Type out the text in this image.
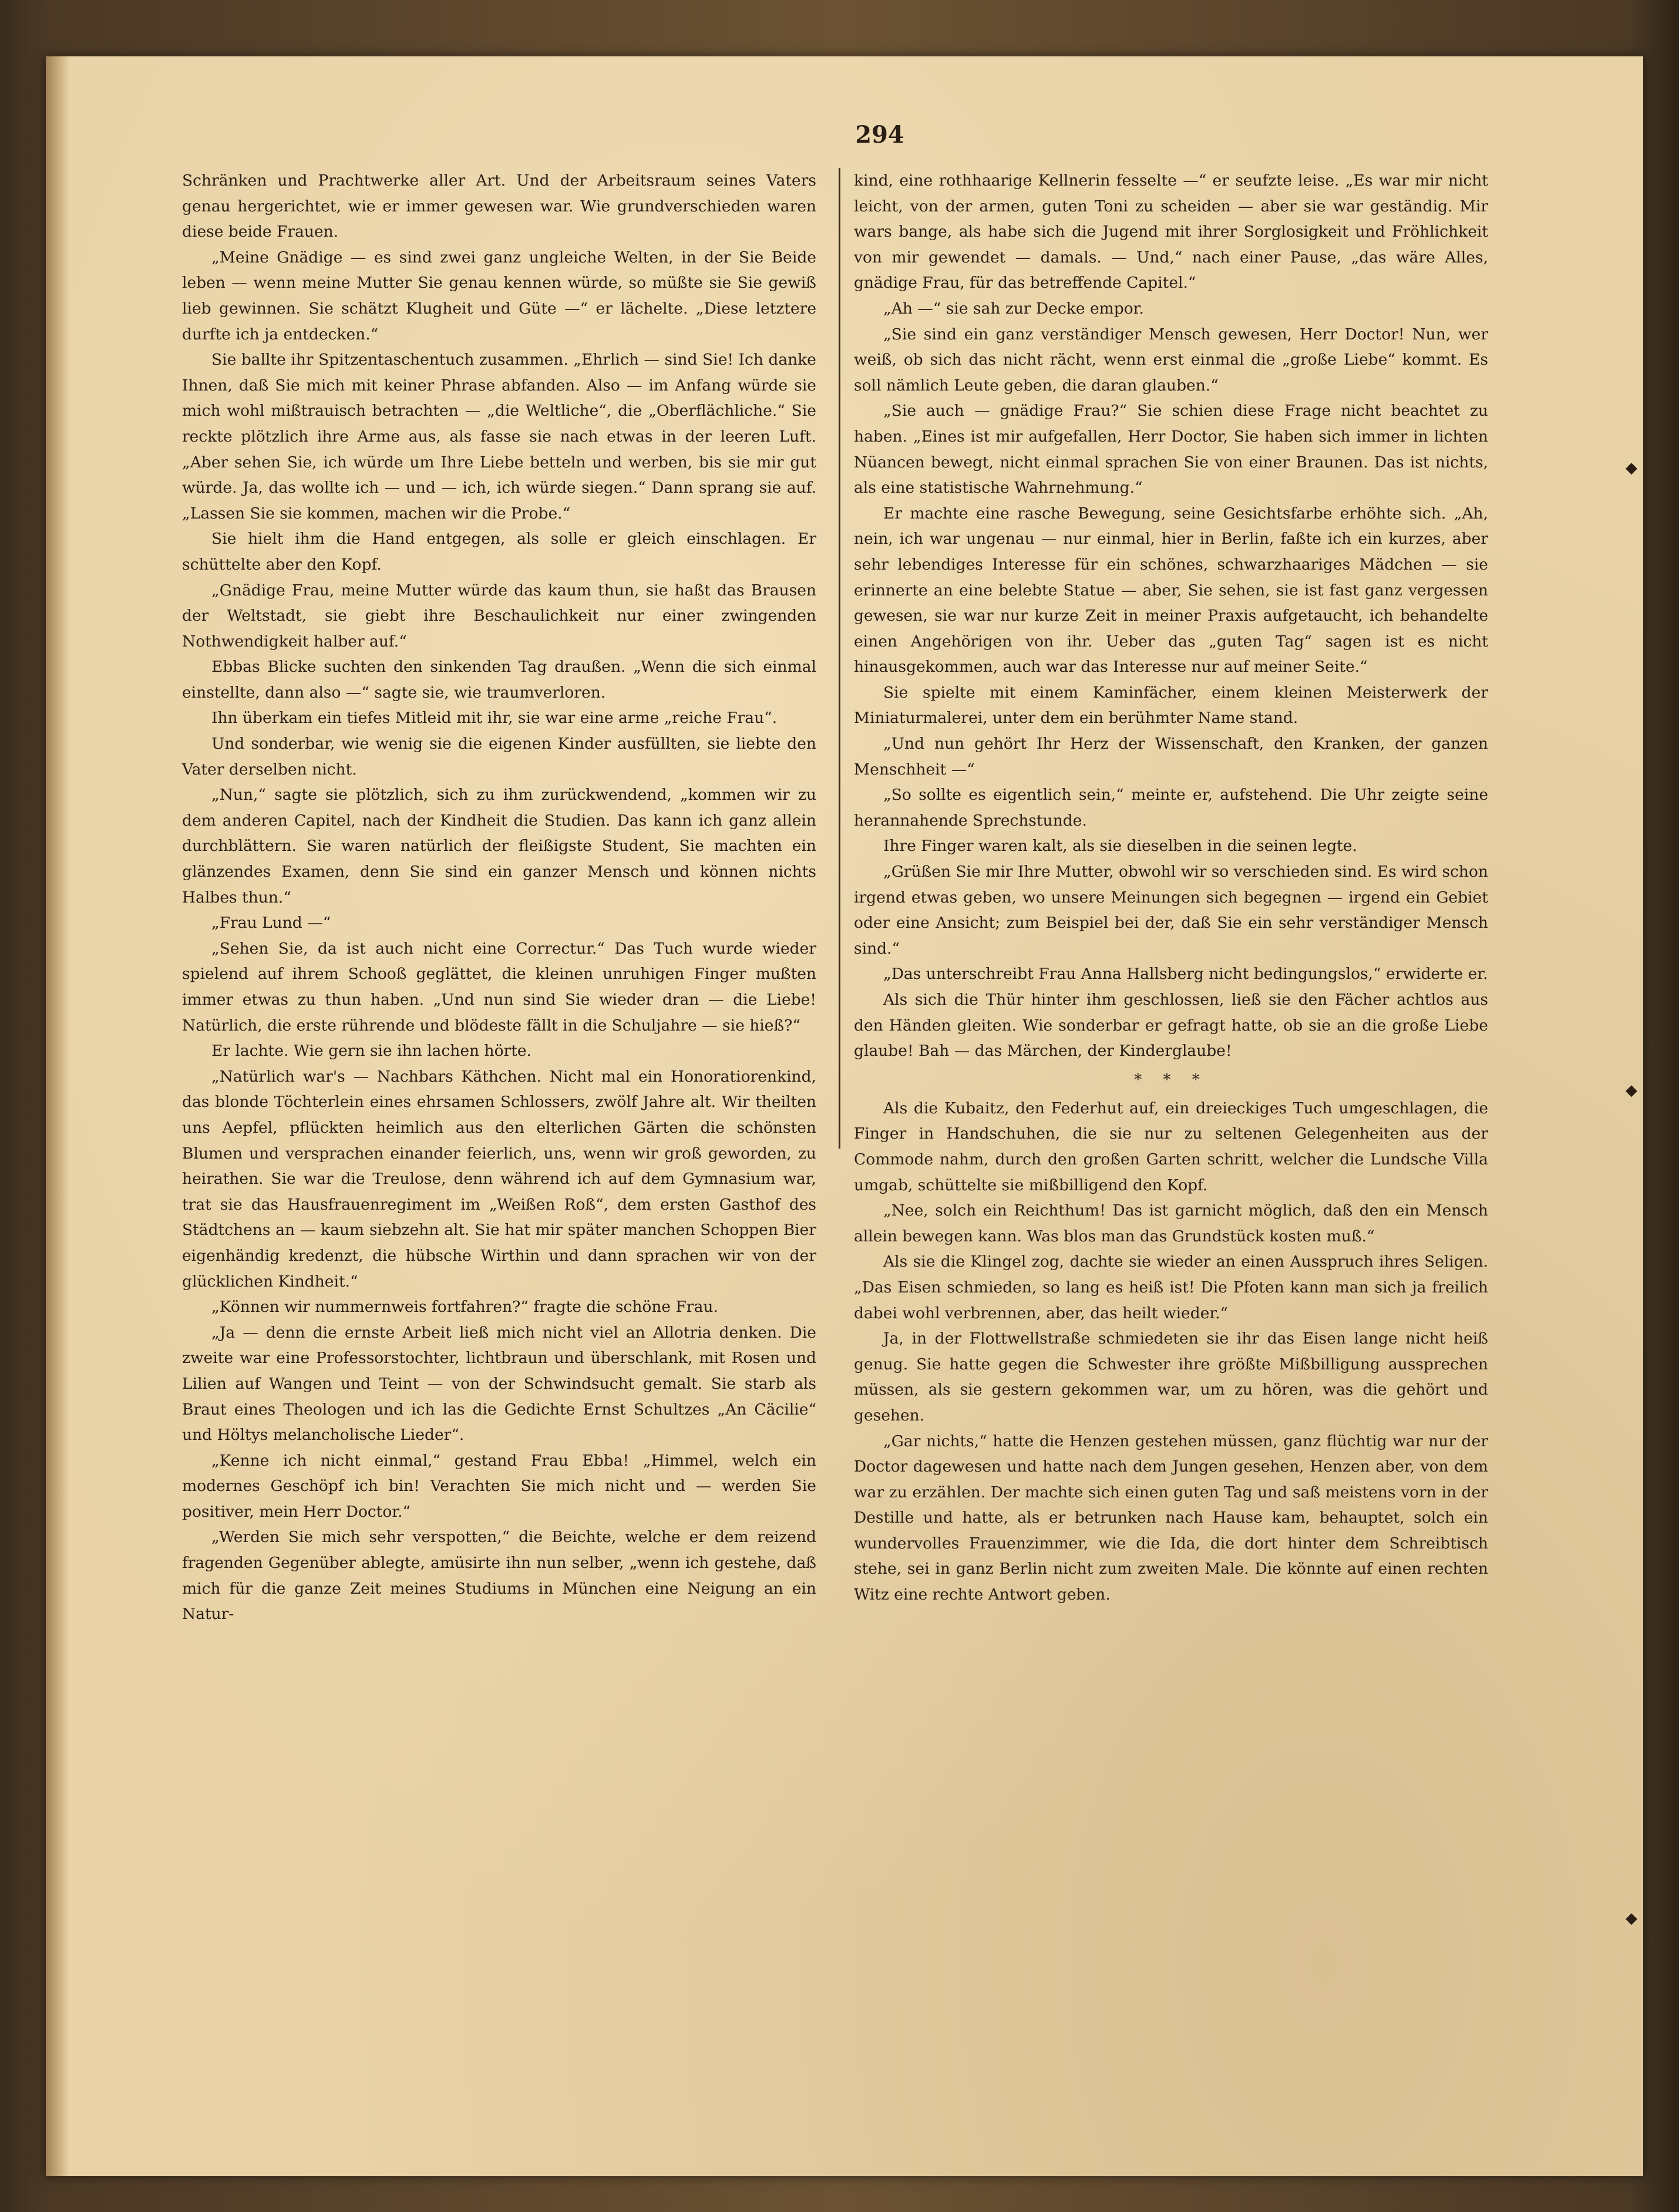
294

Schränken und Prachtwerke aller Art. Und der Arbeitsraum seines Vaters genau hergerichtet, wie er immer gewesen war. Wie grundverschieden waren diese beide Frauen.

„Meine Gnädige — es sind zwei ganz ungleiche Welten, in der Sie Beide leben — wenn meine Mutter Sie genau kennen würde, so müßte sie Sie gewiß lieb gewinnen. Sie schätzt Klugheit und Güte —“ er lächelte. „Diese letztere durfte ich ja entdecken.“

Sie ballte ihr Spitzentaschentuch zusammen. „Ehrlich — sind Sie! Ich danke Ihnen, daß Sie mich mit keiner Phrase abfanden. Also — im Anfang würde sie mich wohl mißtrauisch betrachten — „die Weltliche“, die „Oberflächliche.“ Sie reckte plötzlich ihre Arme aus, als fasse sie nach etwas in der leeren Luft. „Aber sehen Sie, ich würde um Ihre Liebe betteln und werben, bis sie mir gut würde. Ja, das wollte ich — und — ich, ich würde siegen.“ Dann sprang sie auf. „Lassen Sie sie kommen, machen wir die Probe.“

Sie hielt ihm die Hand entgegen, als solle er gleich einschlagen. Er schüttelte aber den Kopf.

„Gnädige Frau, meine Mutter würde das kaum thun, sie haßt das Brausen der Weltstadt, sie giebt ihre Beschaulichkeit nur einer zwingenden Nothwendigkeit halber auf.“

Ebbas Blicke suchten den sinkenden Tag draußen. „Wenn die sich einmal einstellte, dann also —“ sagte sie, wie traumverloren.

Ihn überkam ein tiefes Mitleid mit ihr, sie war eine arme „reiche Frau“.

Und sonderbar, wie wenig sie die eigenen Kinder ausfüllten, sie liebte den Vater derselben nicht.

„Nun,“ sagte sie plötzlich, sich zu ihm zurückwendend, „kommen wir zu dem anderen Capitel, nach der Kindheit die Studien. Das kann ich ganz allein durchblättern. Sie waren natürlich der fleißigste Student, Sie machten ein glänzendes Examen, denn Sie sind ein ganzer Mensch und können nichts Halbes thun.“

„Frau Lund —“

„Sehen Sie, da ist auch nicht eine Correctur.“ Das Tuch wurde wieder spielend auf ihrem Schooß geglättet, die kleinen unruhigen Finger mußten immer etwas zu thun haben. „Und nun sind Sie wieder dran — die Liebe! Natürlich, die erste rührende und blödeste fällt in die Schuljahre — sie hieß?“

Er lachte. Wie gern sie ihn lachen hörte.

„Natürlich war's — Nachbars Käthchen. Nicht mal ein Honoratiorenkind, das blonde Töchterlein eines ehrsamen Schlossers, zwölf Jahre alt. Wir theilten uns Aepfel, pflückten heimlich aus den elterlichen Gärten die schönsten Blumen und versprachen einander feierlich, uns, wenn wir groß geworden, zu heirathen. Sie war die Treulose, denn während ich auf dem Gymnasium war, trat sie das Hausfrauenregiment im „Weißen Roß“, dem ersten Gasthof des Städtchens an — kaum siebzehn alt. Sie hat mir später manchen Schoppen Bier eigenhändig kredenzt, die hübsche Wirthin und dann sprachen wir von der glücklichen Kindheit.“

„Können wir nummernweis fortfahren?“ fragte die schöne Frau.

„Ja — denn die ernste Arbeit ließ mich nicht viel an Allotria denken. Die zweite war eine Professorstochter, lichtbraun und überschlank, mit Rosen und Lilien auf Wangen und Teint — von der Schwindsucht gemalt. Sie starb als Braut eines Theologen und ich las die Gedichte Ernst Schultzes „An Cäcilie“ und Höltys melancholische Lieder“.

„Kenne ich nicht einmal,“ gestand Frau Ebba! „Himmel, welch ein modernes Geschöpf ich bin! Verachten Sie mich nicht und — werden Sie positiver, mein Herr Doctor.“

„Werden Sie mich sehr verspotten,“ die Beichte, welche er dem reizend fragenden Gegenüber ablegte, amüsirte ihn nun selber, „wenn ich gestehe, daß mich für die ganze Zeit meines Studiums in München eine Neigung an ein Natur-

kind, eine rothhaarige Kellnerin fesselte —“ er seufzte leise. „Es war mir nicht leicht, von der armen, guten Toni zu scheiden — aber sie war geständig. Mir wars bange, als habe sich die Jugend mit ihrer Sorglosigkeit und Fröhlichkeit von mir gewendet — damals. — Und,“ nach einer Pause, „das wäre Alles, gnädige Frau, für das betreffende Capitel.“

„Ah —“ sie sah zur Decke empor.

„Sie sind ein ganz verständiger Mensch gewesen, Herr Doctor! Nun, wer weiß, ob sich das nicht rächt, wenn erst einmal die „große Liebe“ kommt. Es soll nämlich Leute geben, die daran glauben.“

„Sie auch — gnädige Frau?“ Sie schien diese Frage nicht beachtet zu haben. „Eines ist mir aufgefallen, Herr Doctor, Sie haben sich immer in lichten Nüancen bewegt, nicht einmal sprachen Sie von einer Braunen. Das ist nichts, als eine statistische Wahrnehmung.“

Er machte eine rasche Bewegung, seine Gesichtsfarbe erhöhte sich. „Ah, nein, ich war ungenau — nur einmal, hier in Berlin, faßte ich ein kurzes, aber sehr lebendiges Interesse für ein schönes, schwarzhaariges Mädchen — sie erinnerte an eine belebte Statue — aber, Sie sehen, sie ist fast ganz vergessen gewesen, sie war nur kurze Zeit in meiner Praxis aufgetaucht, ich behandelte einen Angehörigen von ihr. Ueber das „guten Tag“ sagen ist es nicht hinausgekommen, auch war das Interesse nur auf meiner Seite.“

Sie spielte mit einem Kaminfächer, einem kleinen Meisterwerk der Miniaturmalerei, unter dem ein berühmter Name stand.

„Und nun gehört Ihr Herz der Wissenschaft, den Kranken, der ganzen Menschheit —“

„So sollte es eigentlich sein,“ meinte er, aufstehend. Die Uhr zeigte seine herannahende Sprechstunde.

Ihre Finger waren kalt, als sie dieselben in die seinen legte.

„Grüßen Sie mir Ihre Mutter, obwohl wir so verschieden sind. Es wird schon irgend etwas geben, wo unsere Meinungen sich begegnen — irgend ein Gebiet oder eine Ansicht; zum Beispiel bei der, daß Sie ein sehr verständiger Mensch sind.“

„Das unterschreibt Frau Anna Hallsberg nicht bedingungslos,“ erwiderte er.

Als sich die Thür hinter ihm geschlossen, ließ sie den Fächer achtlos aus den Händen gleiten. Wie sonderbar er gefragt hatte, ob sie an die große Liebe glaube! Bah — das Märchen, der Kinderglaube!

* * *

Als die Kubaitz, den Federhut auf, ein dreieckiges Tuch umgeschlagen, die Finger in Handschuhen, die sie nur zu seltenen Gelegenheiten aus der Commode nahm, durch den großen Garten schritt, welcher die Lundsche Villa umgab, schüttelte sie mißbilligend den Kopf.

„Nee, solch ein Reichthum! Das ist garnicht möglich, daß den ein Mensch allein bewegen kann. Was blos man das Grundstück kosten muß.“

Als sie die Klingel zog, dachte sie wieder an einen Ausspruch ihres Seligen. „Das Eisen schmieden, so lang es heiß ist! Die Pfoten kann man sich ja freilich dabei wohl verbrennen, aber, das heilt wieder.“

Ja, in der Flottwellstraße schmiedeten sie ihr das Eisen lange nicht heiß genug. Sie hatte gegen die Schwester ihre größte Mißbilligung aussprechen müssen, als sie gestern gekommen war, um zu hören, was die gehört und gesehen.

„Gar nichts,“ hatte die Henzen gestehen müssen, ganz flüchtig war nur der Doctor dagewesen und hatte nach dem Jungen gesehen, Henzen aber, von dem war zu erzählen. Der machte sich einen guten Tag und saß meistens vorn in der Destille und hatte, als er betrunken nach Hause kam, behauptet, solch ein wundervolles Frauenzimmer, wie die Ida, die dort hinter dem Schreibtisch stehe, sei in ganz Berlin nicht zum zweiten Male. Die könnte auf einen rechten Witz eine rechte Antwort geben.

◆
◆
◆
